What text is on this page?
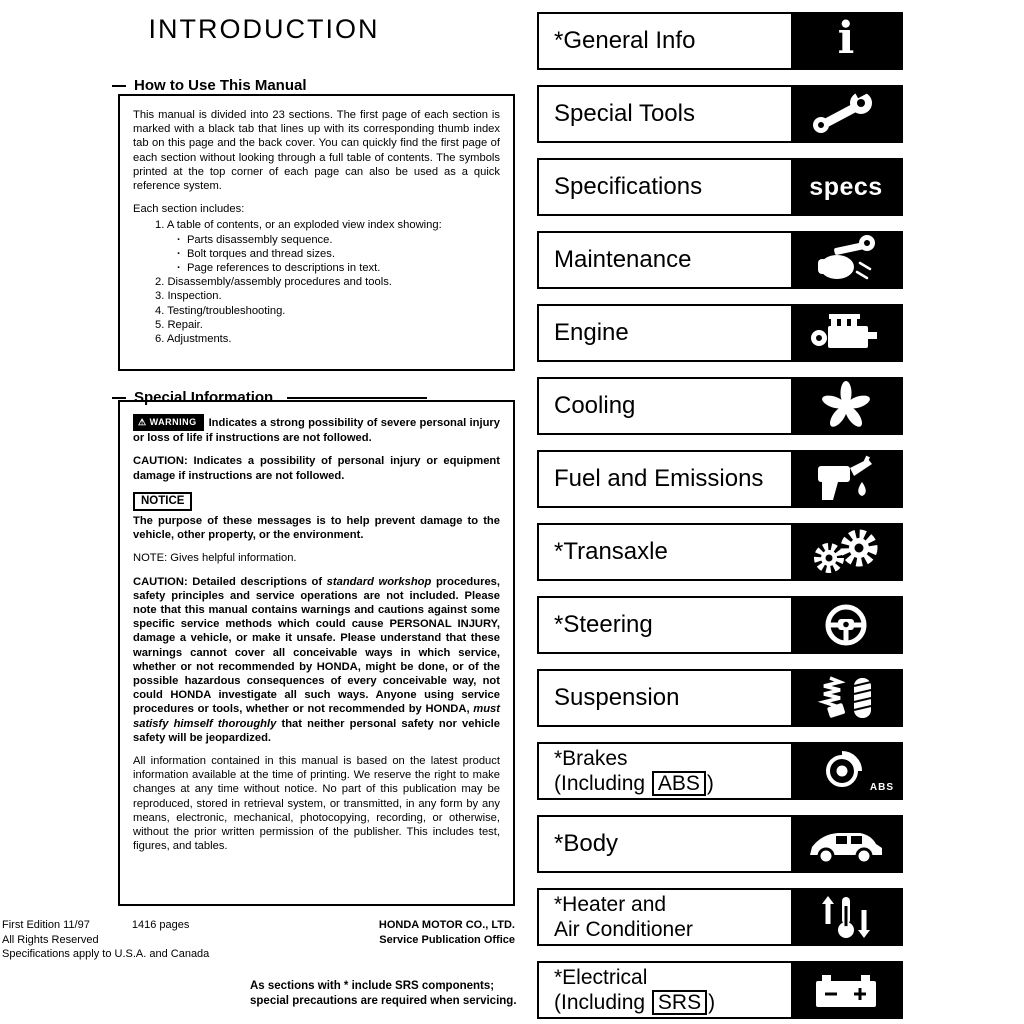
INTRODUCTION
How to Use This Manual

This manual is divided into 23 sections. The first page of each section is marked with a black tab that lines up with its corresponding thumb index tab on this page and the back cover. You can quickly find the first page of each section without looking through a full table of contents. The symbols printed at the top corner of each page can also be used as a quick reference system.

Each section includes:

1. A table of contents, or an exploded view index showing:
·  Parts disassembly sequence.
·  Bolt torques and thread sizes.
·  Page references to descriptions in text.
2. Disassembly/assembly procedures and tools.
3. Inspection.
4. Testing/troubleshooting.
5. Repair.
6. Adjustments.
Special Information

⚠ WARNING Indicates a strong possibility of severe personal injury or loss of life if instructions are not followed.

CAUTION: Indicates a possibility of personal injury or equipment damage if instructions are not followed.

NOTICE

The purpose of these messages is to help prevent damage to the vehicle, other property, or the environment.

NOTE: Gives helpful information.

CAUTION: Detailed descriptions of standard workshop procedures, safety principles and service operations are not included. Please note that this manual contains warnings and cautions against some specific service methods which could cause PERSONAL INJURY, damage a vehicle, or make it unsafe. Please understand that these warnings cannot cover all conceivable ways in which service, whether or not recommended by HONDA, might be done, or of the possible hazardous consequences of every conceivable way, not could HONDA investigate all such ways. Anyone using service procedures or tools, whether or not recommended by HONDA, must satisfy himself thoroughly that neither personal safety nor vehicle safety will be jeopardized.

All information contained in this manual is based on the latest product information available at the time of printing. We reserve the right to make changes at any time without notice. No part of this publication may be reproduced, stored in retrieval system, or transmitted, in any form by any means, electronic, mechanical, photocopying, recording, or otherwise, without the prior written permission of the publisher. This includes test, figures, and tables.

First Edition 11/97	1416 pages
All Rights Reserved
Specifications apply to U.S.A. and Canada
HONDA MOTOR CO., LTD.
Service Publication Office
As sections with * include SRS components;
special precautions are required when servicing.
*General Info	i
Special Tools
Specifications	specs
Maintenance
Engine
Cooling
Fuel and Emissions
*Transaxle
*Steering
Suspension
*Brakes
(Including ABS )	ABS
*Body
*Heater and
Air Conditioner
*Electrical
(Including SRS )
